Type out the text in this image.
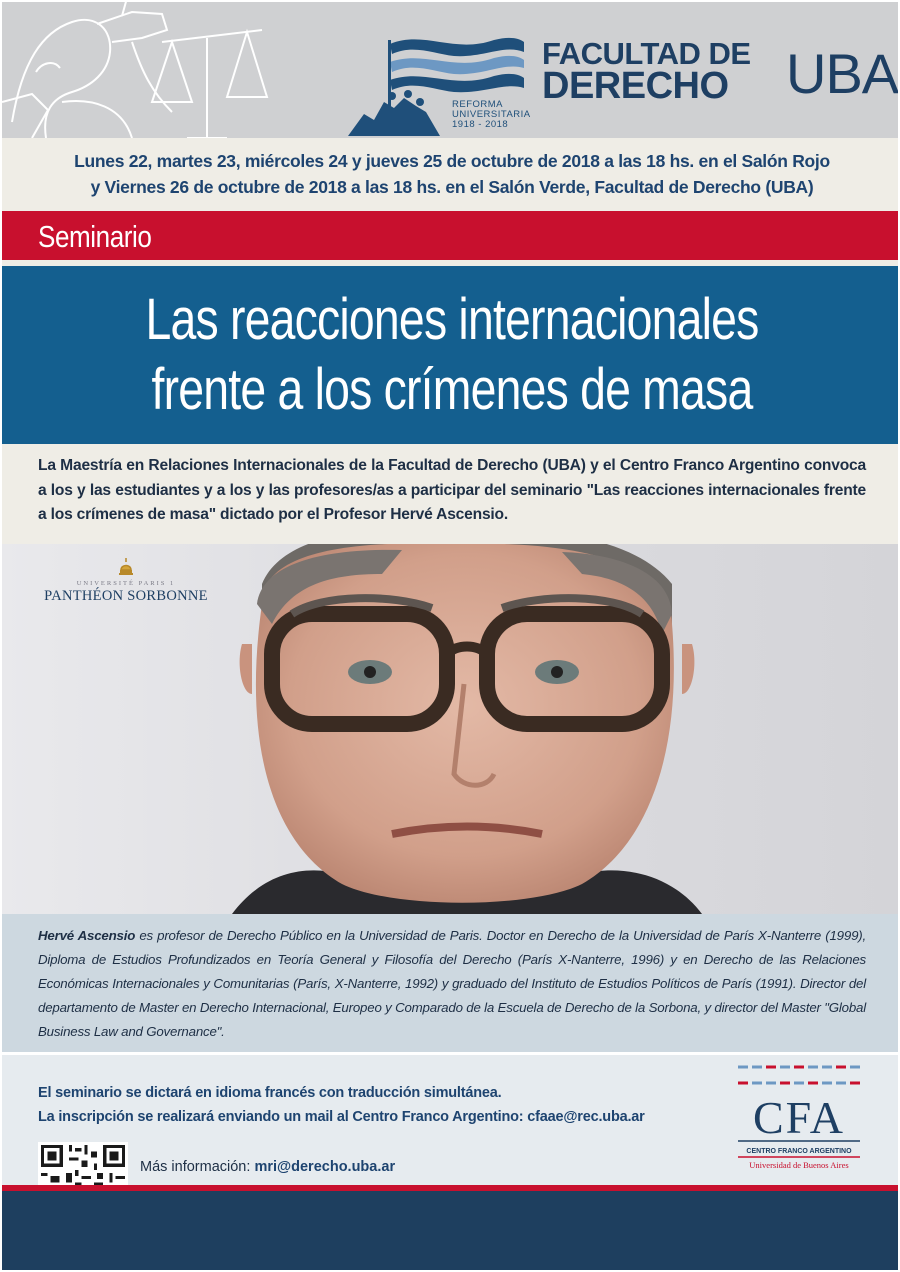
REFORMA
UNIVERSITARIA
1918 - 2018
FACULTAD DE
DERECHO	UBA
Lunes 22, martes 23, miércoles 24 y jueves 25 de octubre de 2018 a las 18 hs. en el Salón Rojo
y Viernes 26 de octubre de 2018 a las 18 hs. en el Salón Verde, Facultad de Derecho (UBA)
Seminario
Las reacciones internacionales
frente a los crímenes de masa
La Maestría en Relaciones Internacionales de la Facultad de Derecho (UBA) y el Centro Franco Argentino convoca a los y las estudiantes y a los y las profesores/as a participar del seminario "Las reacciones internacionales frente a los crímenes de masa" dictado por el Profesor Hervé Ascensio.
UNIVERSITÉ PARIS 1
PANTHÉON SORBONNE
Hervé Ascensio es profesor de Derecho Público en la Universidad de Paris. Doctor en Derecho de la Universidad de París X-Nanterre (1999), Diploma de Estudios Profundizados en Teoría General y Filosofía del Derecho (París X-Nanterre, 1996) y en Derecho de las Relaciones Económicas Internacionales y Comunitarias (París, X-Nanterre, 1992) y graduado del Instituto de Estudios Políticos de París (1991). Director del departamento de Master en Derecho Internacional, Europeo y Comparado de la Escuela de Derecho de la Sorbona, y director del Master "Global Business Law and Governance".
El seminario se dictará en idioma francés con traducción simultánea.
La inscripción se realizará enviando un mail al Centro Franco Argentino: cfaae@rec.uba.ar CFA
CENTRO FRANCO ARGENTINO
Universidad de Buenos Aires
Más información: mri@derecho.uba.ar
